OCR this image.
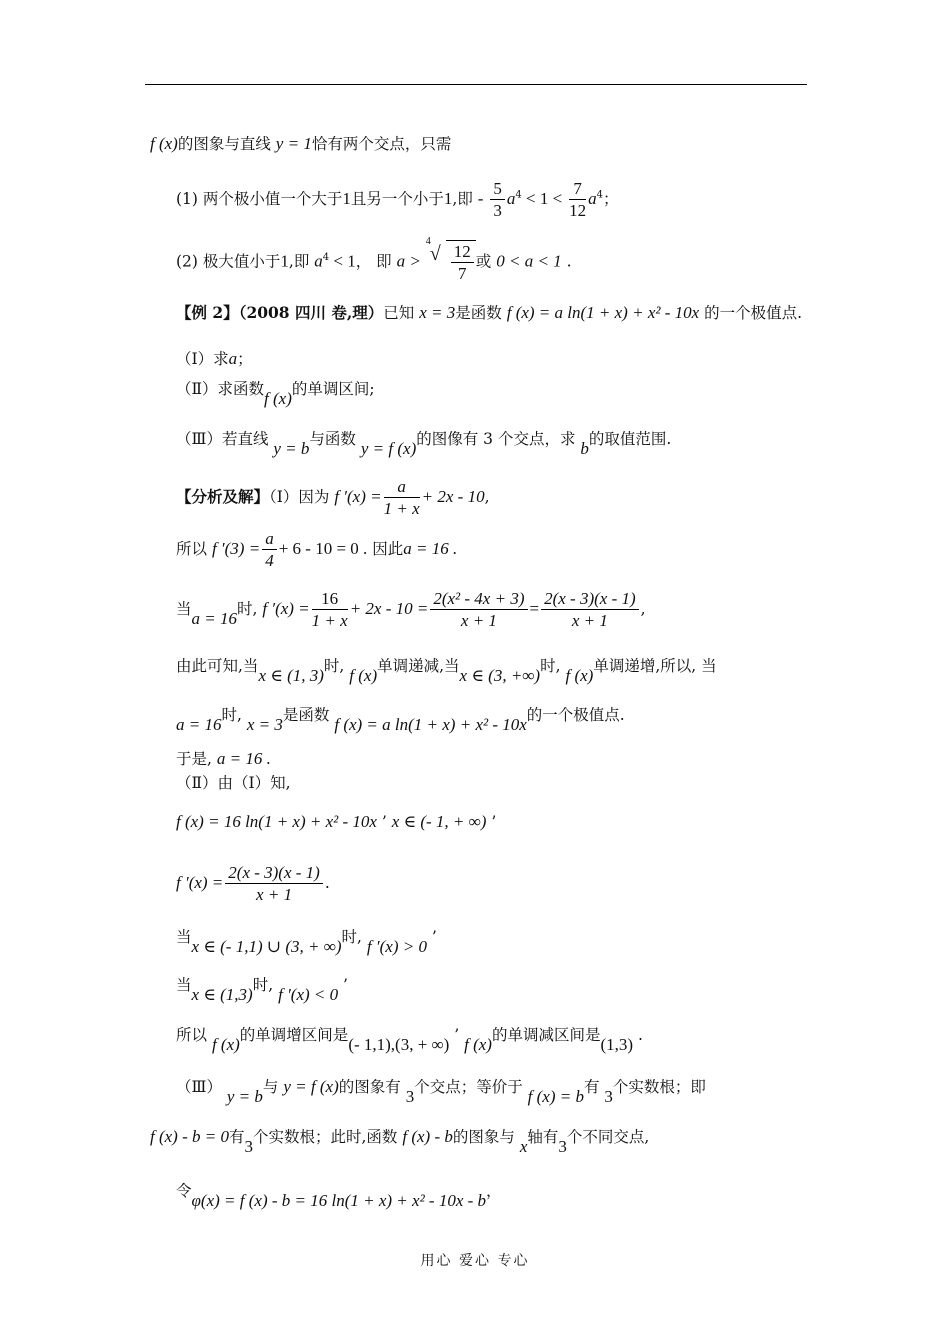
f (x)的图象与直线 y = 1恰有两个交点，只需
(1) 两个极小值一个大于1且另一个小于1,即 - $\frac{5}{3} a^4 < 1 < \frac{7}{12} a^4$；
(2) 极大值小于1,即 $a^4 < 1$， 即 a >
4
√ $\frac{12}{7}$ 或 0 < a < 1 .
【例 2】（2008 四川 卷,理）已知 x = 3是函数 f (x) = a ln(1 + x) + x² - 10x 的一个极值点.
（Ⅰ）求a；
（Ⅱ）求函数f (x)的单调区间;
（Ⅲ）若直线 y = b与函数 y = f (x)的图像有 3 个交点，求 b的取值范围.
【分析及解】（Ⅰ）因为 f $'(x) = \frac{a}{1 + x} + 2x - 10$,
所以 f $'(3) = \frac{a}{4} + 6 - 10 = 0$ . 因此a = 16 .
当a = 16时, f $'(x) = \frac{16}{1 + x} + 2x - 10 = \frac{\text{2(x² - 4x + 3)}}{x + 1} = \frac{2(x - 3)(x - 1)}{x + 1}$ ,
由此可知,当x ∈ (1, 3)时, f (x)单调递减,当x ∈ (3, +∞)时, f (x)单调递增,所以, 当
a = 16时, x = 3是函数 f (x) = a ln(1 + x) + x² - 10x的一个极值点.
于是, a = 16 .
（Ⅱ）由（Ⅰ）知,
f (x) = 16 ln(1 + x) + x² - 10x ’ x ∈ (- 1, + ∞) ’
f $'(x) = \frac{2(x - 3)(x - 1)}{x + 1}$ .
当x ∈ (- 1,1) ∪ (3, + ∞)时, f ′(x) > 0 ’
当x ∈ (1,3)时, f ′(x) < 0 ’
所以 f (x)的单调增区间是(- 1,1),(3, + ∞) ’ f (x)的单调减区间是(1,3) .
（Ⅲ） y = b与 y = f (x)的图象有 3个交点；等价于 f (x) = b有 3个实数根；即
f (x) - b = 0有3个实数根；此时,函数 f (x) - b的图象与 x轴有3个不同交点,
令φ(x) = f (x) - b = 16 ln(1 + x) + x² - 10x - b，
用心 爱心 专心
